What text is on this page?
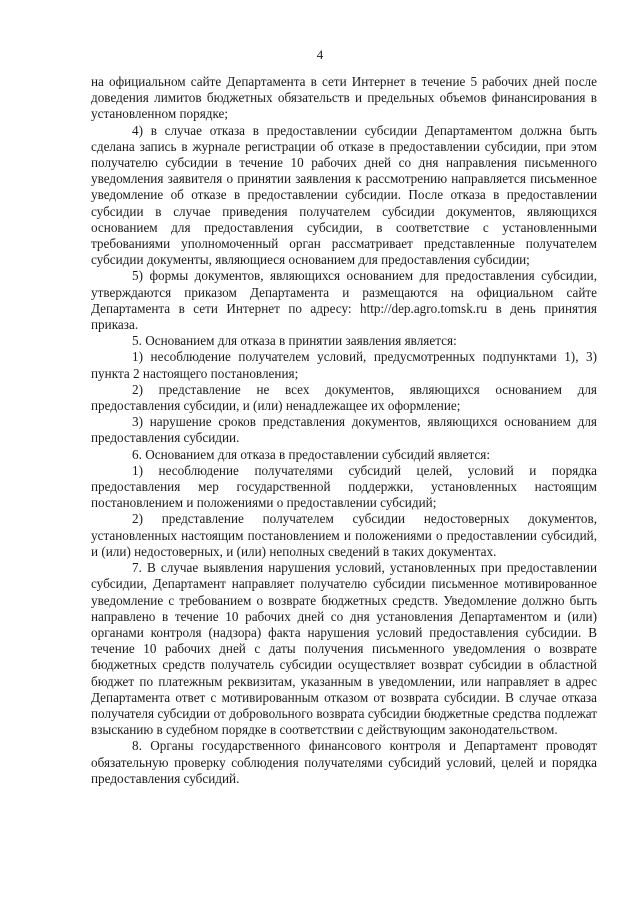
4

на официальном сайте Департамента в сети Интернет в течение 5 рабочих дней после доведения лимитов бюджетных обязательств и предельных объемов финансирования в установленном порядке;

4) в случае отказа в предоставлении субсидии Департаментом должна быть сделана запись в журнале регистрации об отказе в предоставлении субсидии, при этом получателю субсидии в течение 10 рабочих дней со дня направления письменного уведомления заявителя о принятии заявления к рассмотрению направляется письменное уведомление об отказе в предоставлении субсидии. После отказа в предоставлении субсидии в случае приведения получателем субсидии документов, являющихся основанием для предоставления субсидии, в соответствие с установленными требованиями уполномоченный орган рассматривает представленные получателем субсидии документы, являющиеся основанием для предоставления субсидии;

5) формы документов, являющихся основанием для предоставления субсидии, утверждаются приказом Департамента и размещаются на официальном сайте Департамента в сети Интернет по адресу: http://dep.agro.tomsk.ru в день принятия приказа.

5. Основанием для отказа в принятии заявления является:

1) несоблюдение получателем условий, предусмотренных подпунктами 1), 3) пункта 2 настоящего постановления;

2) представление не всех документов, являющихся основанием для предоставления субсидии, и (или) ненадлежащее их оформление;

3) нарушение сроков представления документов, являющихся основанием для предоставления субсидии.

6. Основанием для отказа в предоставлении субсидий является:

1) несоблюдение получателями субсидий целей, условий и порядка предоставления мер государственной поддержки, установленных настоящим постановлением и положениями о предоставлении субсидий;

2) представление получателем субсидии недостоверных документов, установленных настоящим постановлением и положениями о предоставлении субсидий, и (или) недостоверных, и (или) неполных сведений в таких документах.

7. В случае выявления нарушения условий, установленных при предоставлении субсидии, Департамент направляет получателю субсидии письменное мотивированное уведомление с требованием о возврате бюджетных средств. Уведомление должно быть направлено в течение 10 рабочих дней со дня установления Департаментом и (или) органами контроля (надзора) факта нарушения условий предоставления субсидии. В течение 10 рабочих дней с даты получения письменного уведомления о возврате бюджетных средств получатель субсидии осуществляет возврат субсидии в областной бюджет по платежным реквизитам, указанным в уведомлении, или направляет в адрес Департамента ответ с мотивированным отказом от возврата субсидии. В случае отказа получателя субсидии от добровольного возврата субсидии бюджетные средства подлежат взысканию в судебном порядке в соответствии с действующим законодательством.

8. Органы государственного финансового контроля и Департамент проводят обязательную проверку соблюдения получателями субсидий условий, целей и порядка предоставления субсидий.
